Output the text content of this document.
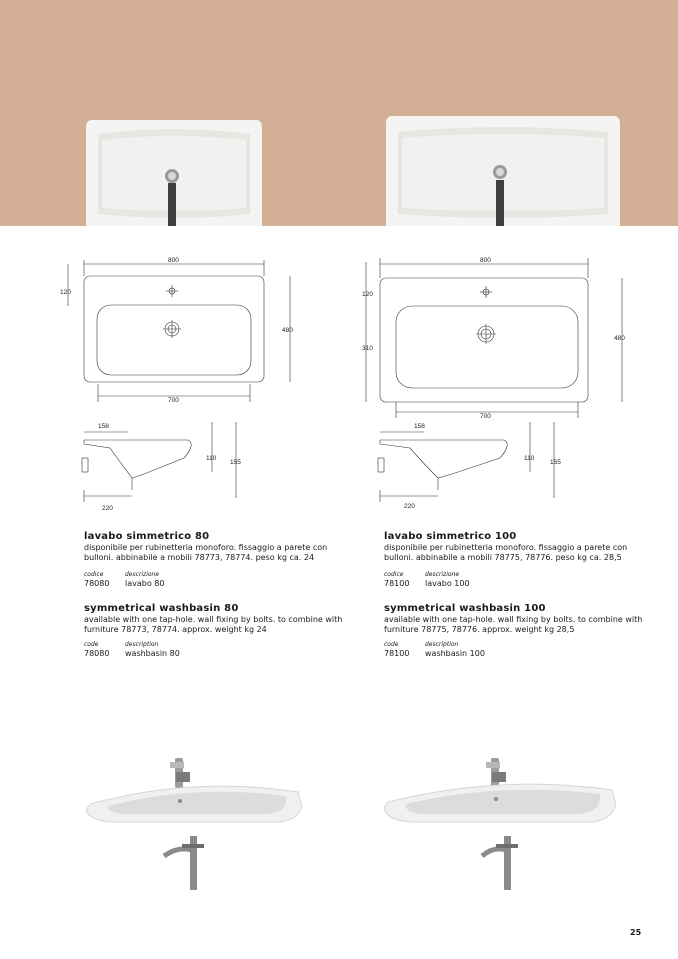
800
700
120
480
158
110
155
220
800
700
120
310
480
158
110
155
220

lavabo simmetrico 80

disponibile per rubinetteria monoforo. fissaggio a parete con

bulloni. abbinabile a mobili 78773, 78774. peso kg ca. 24

codice	descrizione
78080	lavabo 80

symmetrical washbasin 80

available with one tap-hole. wall fixing by bolts. to combine with

furniture 78773, 78774. approx. weight kg 24

code	description
78080	washbasin 80

lavabo simmetrico 100

disponibile per rubinetteria monoforo. fissaggio a parete con

bulloni. abbinabile a mobili 78775, 78776. peso kg ca. 28,5

codice	descrizione
78100	lavabo 100

symmetrical washbasin 100

available with one tap-hole. wall fixing by bolts. to combine with

furniture 78775, 78776. approx. weight kg 28,5

code	description
78100	washbasin 100
25
